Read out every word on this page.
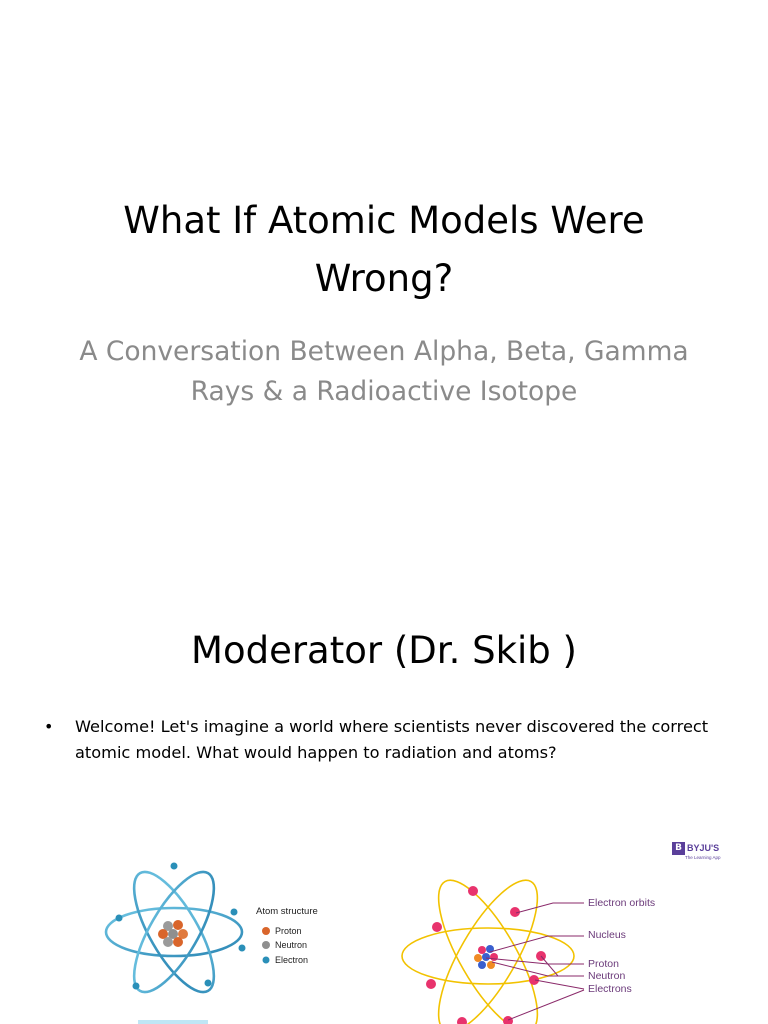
What If Atomic Models Were Wrong?
A Conversation Between Alpha, Beta, Gamma Rays & a Radioactive Isotope
Moderator (Dr. Skib )
• Welcome! Let's imagine a world where scientists never discovered the correct atomic model. What would happen to radiation and atoms?
Atom structure
Proton
Neutron
Electron
Electron orbits
Nucleus
Proton
Neutron
Electrons
B BYJU'S
The Learning App
